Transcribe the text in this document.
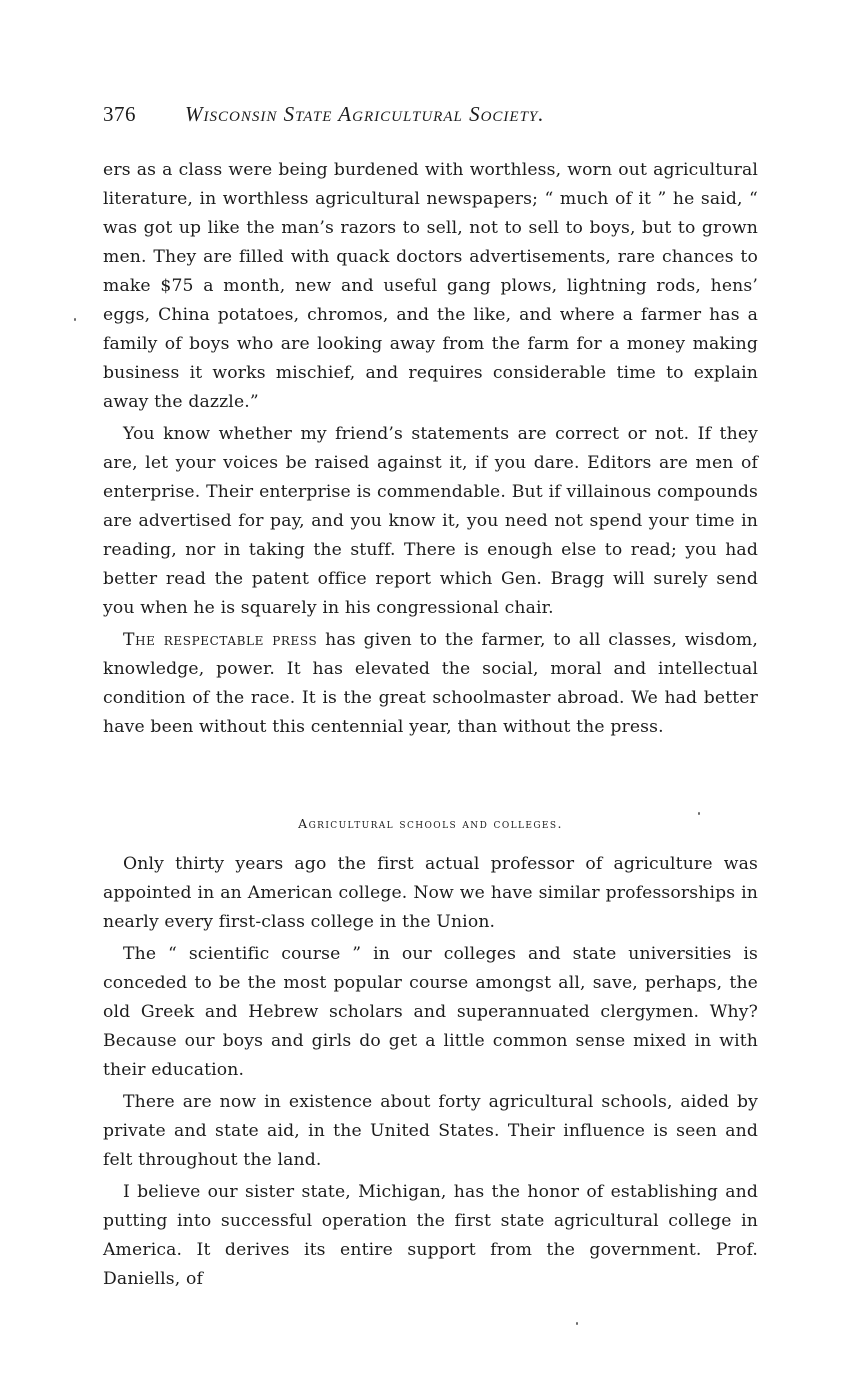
376 Wisconsin State Agricultural Society.

ers as a class were being burdened with worthless, worn out agricultural literature, in worthless agricultural newspapers; “ much of it ” he said, “ was got up like the man’s razors to sell, not to sell to boys, but to grown men. They are filled with quack doctors advertisements, rare chances to make $75 a month, new and useful gang plows, lightning rods, hens’ eggs, China potatoes, chromos, and the like, and where a farmer has a family of boys who are looking away from the farm for a money making business it works mischief, and requires considerable time to explain away the dazzle.”

You know whether my friend’s statements are correct or not. If they are, let your voices be raised against it, if you dare. Editors are men of enterprise. Their enterprise is commendable. But if villainous compounds are advertised for pay, and you know it, you need not spend your time in reading, nor in taking the stuff. There is enough else to read; you had better read the patent office report which Gen. Bragg will surely send you when he is squarely in his congressional chair.

The respectable press has given to the farmer, to all classes, wisdom, knowledge, power. It has elevated the social, moral and intellectual condition of the race. It is the great schoolmaster abroad. We had better have been without this centennial year, than without the press.

Agricultural schools and colleges.

Only thirty years ago the first actual professor of agriculture was appointed in an American college. Now we have similar professorships in nearly every first-class college in the Union.

The “ scientific course ” in our colleges and state universities is conceded to be the most popular course amongst all, save, perhaps, the old Greek and Hebrew scholars and superannuated clergymen. Why? Because our boys and girls do get a little common sense mixed in with their education.

There are now in existence about forty agricultural schools, aided by private and state aid, in the United States. Their influence is seen and felt throughout the land.

I believe our sister state, Michigan, has the honor of establishing and putting into successful operation the first state agricultural college in America. It derives its entire support from the government. Prof. Daniells, of
